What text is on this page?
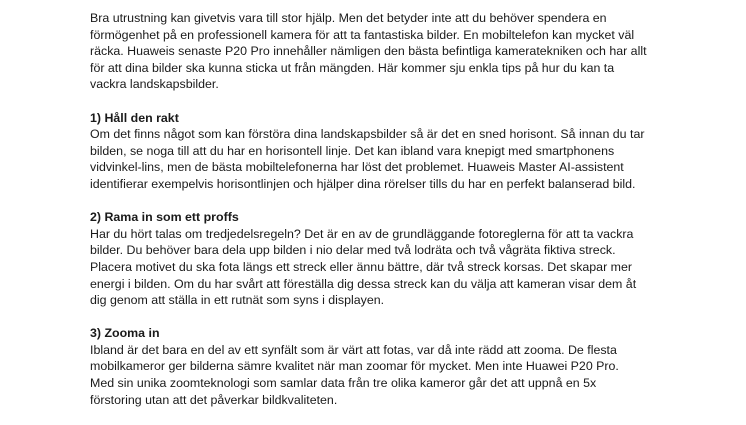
Bra utrustning kan givetvis vara till stor hjälp. Men det betyder inte att du behöver spendera en
förmögenhet på en professionell kamera för att ta fantastiska bilder. En mobiltelefon kan mycket väl
räcka. Huaweis senaste P20 Pro innehåller nämligen den bästa befintliga kameratekniken och har allt
för att dina bilder ska kunna sticka ut från mängden. Här kommer sju enkla tips på hur du kan ta
vackra landskapsbilder.

1) Håll den rakt

Om det finns något som kan förstöra dina landskapsbilder så är det en sned horisont. Så innan du tar
bilden, se noga till att du har en horisontell linje. Det kan ibland vara knepigt med smartphonens
vidvinkel-lins, men de bästa mobiltelefonerna har löst det problemet. Huaweis Master AI-assistent
identifierar exempelvis horisontlinjen och hjälper dina rörelser tills du har en perfekt balanserad bild.

2) Rama in som ett proffs

Har du hört talas om tredjedelsregeln? Det är en av de grundläggande fotoreglerna för att ta vackra
bilder. Du behöver bara dela upp bilden i nio delar med två lodräta och två vågräta fiktiva streck.
Placera motivet du ska fota längs ett streck eller ännu bättre, där två streck korsas. Det skapar mer
energi i bilden. Om du har svårt att föreställa dig dessa streck kan du välja att kameran visar dem åt
dig genom att ställa in ett rutnät som syns i displayen.

3) Zooma in

Ibland är det bara en del av ett synfält som är värt att fotas, var då inte rädd att zooma. De flesta
mobilkameror ger bilderna sämre kvalitet när man zoomar för mycket. Men inte Huawei P20 Pro.
Med sin unika zoomteknologi som samlar data från tre olika kameror går det att uppnå en 5x
förstoring utan att det påverkar bildkvaliteten.
